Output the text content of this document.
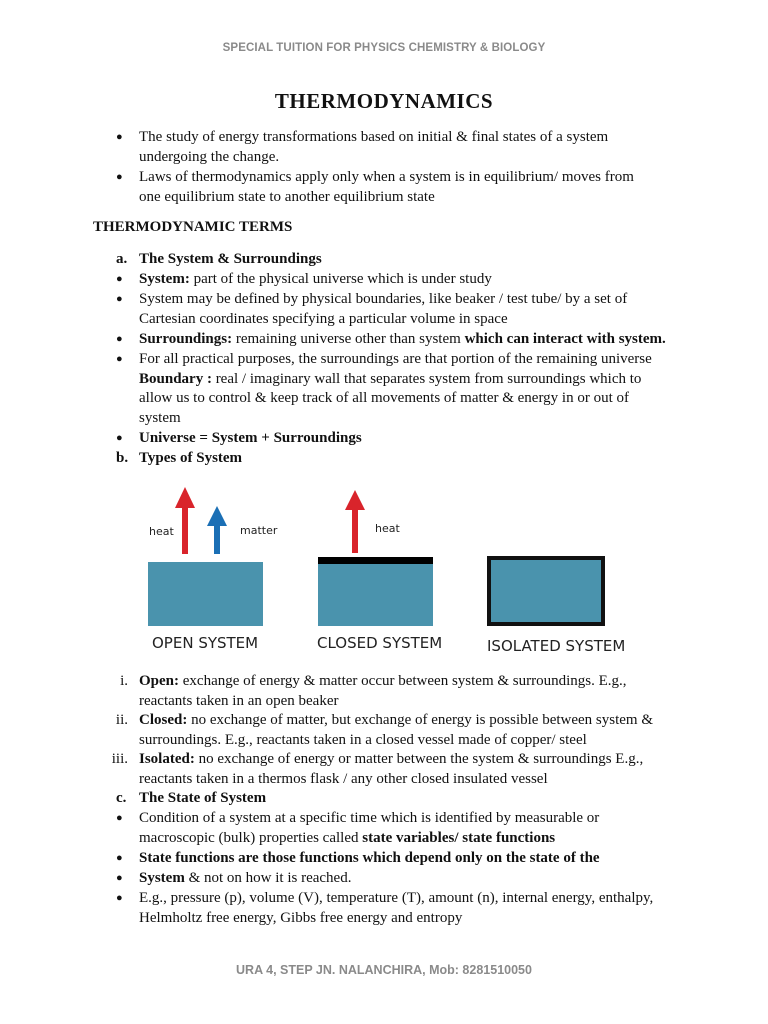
SPECIAL TUITION FOR PHYSICS CHEMISTRY & BIOLOGY
THERMODYNAMICS
● The study of energy transformations based on initial & final states of a system
undergoing the change.
● Laws of thermodynamics apply only when a system is in equilibrium/ moves from
one equilibrium state to another equilibrium state
THERMODYNAMIC TERMS
a. The System & Surroundings
● System: part of the physical universe which is under study
● System may be defined by physical boundaries, like beaker / test tube/ by a set of
Cartesian coordinates specifying a particular volume in space
● Surroundings: remaining universe other than system which can interact with system.
● For all practical purposes, the surroundings are that portion of the remaining universe
Boundary : real / imaginary wall that separates system from surroundings which to
allow us to control & keep track of all movements of matter & energy in or out of
system
● Universe = System + Surroundings
b. Types of System
heat	matter
OPEN SYSTEM
heat
CLOSED SYSTEM	ISOLATED SYSTEM
i. Open: exchange of energy & matter occur between system & surroundings. E.g.,
reactants taken in an open beaker
ii. Closed: no exchange of matter, but exchange of energy is possible between system &
surroundings. E.g., reactants taken in a closed vessel made of copper/ steel
iii. Isolated: no exchange of energy or matter between the system & surroundings E.g.,
reactants taken in a thermos flask / any other closed insulated vessel
c. The State of System
● Condition of a system at a specific time which is identified by measurable or
macroscopic (bulk) properties called state variables/ state functions
● State functions are those functions which depend only on the state of the
● System & not on how it is reached.
● E.g., pressure (p), volume (V), temperature (T), amount (n), internal energy, enthalpy,
Helmholtz free energy, Gibbs free energy and entropy
URA 4, STEP JN. NALANCHIRA, Mob: 8281510050
